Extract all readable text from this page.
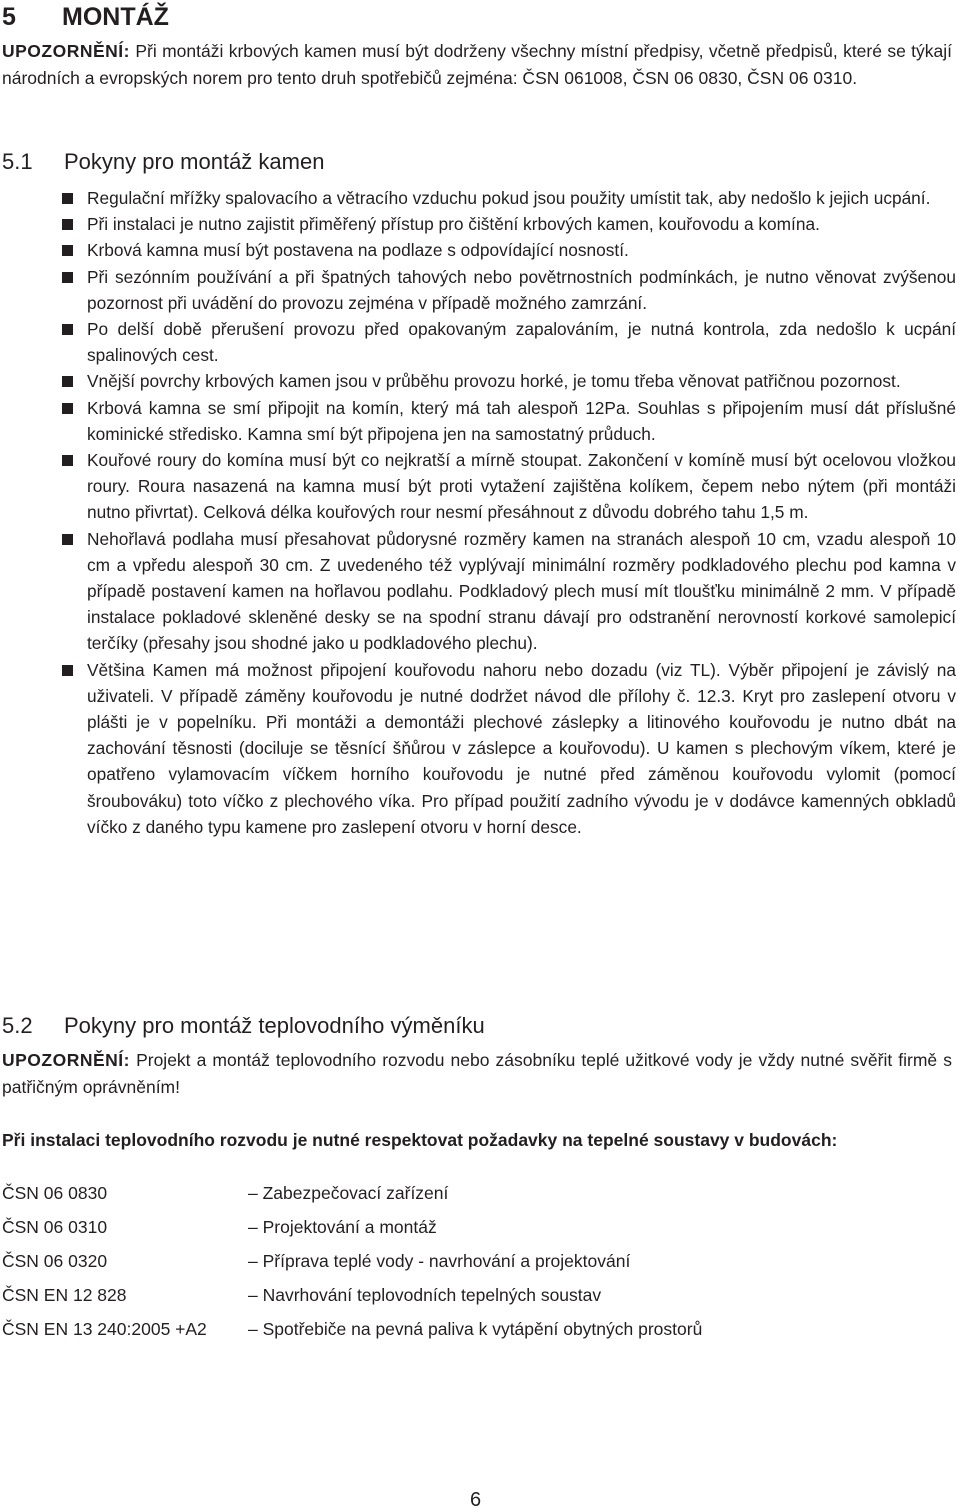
5 MONTÁŽ
UPOZORNĚNÍ: Při montáži krbových kamen musí být dodrženy všechny místní předpisy, včetně předpisů, které se týkají národních a evropských norem pro tento druh spotřebičů zejména: ČSN 061008, ČSN 06 0830, ČSN 06 0310.
5.1 Pokyny pro montáž kamen
Regulační mřížky spalovacího a větracího vzduchu pokud jsou použity umístit tak, aby nedošlo k jejich ucpání.
Při instalaci je nutno zajistit přiměřený přístup pro čištění krbových kamen, kouřovodu a komína.
Krbová kamna musí být postavena na podlaze s odpovídající nosností.
Při sezónním používání a při špatných tahových nebo povětrnostních podmínkách, je nutno věnovat zvýšenou pozornost při uvádění do provozu zejména v případě možného zamrzání.
Po delší době přerušení provozu před opakovaným zapalováním, je nutná kontrola, zda nedošlo k ucpání spalinových cest.
Vnější povrchy krbových kamen jsou v průběhu provozu horké, je tomu třeba věnovat patřičnou pozornost.
Krbová kamna se smí připojit na komín, který má tah alespoň 12Pa. Souhlas s připojením musí dát příslušné kominické středisko. Kamna smí být připojena jen na samostatný průduch.
Kouřové roury do komína musí být co nejkratší a mírně stoupat. Zakončení v komíně musí být ocelovou vložkou roury. Roura nasazená na kamna musí být proti vytažení zajištěna kolíkem, čepem nebo nýtem (při montáži nutno přivrtat). Celková délka kouřových rour nesmí přesáhnout z důvodu dobrého tahu 1,5 m.
Nehořlavá podlaha musí přesahovat půdorysné rozměry kamen na stranách alespoň 10 cm, vzadu alespoň 10 cm a vpředu alespoň 30 cm. Z uvedeného též vyplývají minimální rozměry podkladového plechu pod kamna v případě postavení kamen na hořlavou podlahu. Podkladový plech musí mít tloušťku minimálně 2 mm. V případě instalace pokladové skleněné desky se na spodní stranu dávají pro odstranění nerovností korkové samolepicí terčíky (přesahy jsou shodné jako u podkladového plechu).
Většina Kamen má možnost připojení kouřovodu nahoru nebo dozadu (viz TL). Výběr připojení je závislý na uživateli. V případě záměny kouřovodu je nutné dodržet návod dle přílohy č. 12.3. Kryt pro zaslepení otvoru v plášti je v popelníku. Při montáži a demontáži plechové záslepky a litinového kouřovodu je nutno dbát na zachování těsnosti (dociluje se těsnící šňůrou v záslepce a kouřovodu). U kamen s plechovým víkem, které je opatřeno vylamovacím víčkem horního kouřovodu je nutné před záměnou kouřovodu vylomit (pomocí šroubováku) toto víčko z plechového víka. Pro případ použití zadního vývodu je v dodávce kamenných obkladů víčko z daného typu kamene pro zaslepení otvoru v horní desce.
5.2 Pokyny pro montáž teplovodního výměníku
UPOZORNĚNÍ: Projekt a montáž teplovodního rozvodu nebo zásobníku teplé užitkové vody je vždy nutné svěřit firmě s patřičným oprávněním!
Při instalaci teplovodního rozvodu je nutné respektovat požadavky na tepelné soustavy v budovách:
ČSN 06 0830	– Zabezpečovací zařízení
ČSN 06 0310	– Projektování a montáž
ČSN 06 0320	– Příprava teplé vody - navrhování a projektování
ČSN EN 12 828	– Navrhování teplovodních tepelných soustav
ČSN EN 13 240:2005 +A2 – Spotřebiče na pevná paliva k vytápění obytných prostorů
6
